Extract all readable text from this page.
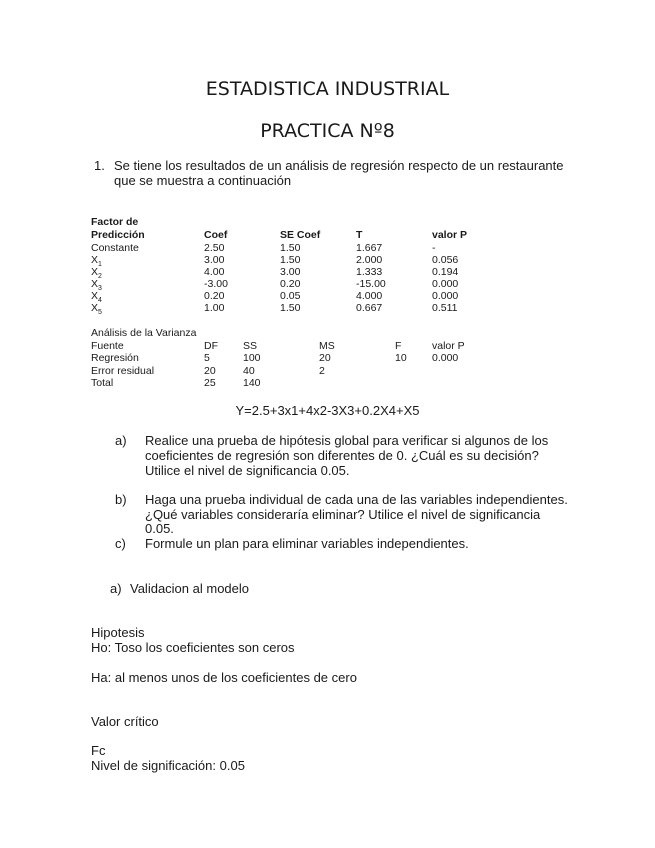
ESTADISTICA INDUSTRIAL
PRACTICA Nº8
1. Se tiene los resultados de un análisis de regresión respecto de un restaurante
que se muestra a continuación
Factor de
Predicción	Coef	SE Coef	T	valor P
Constante	2.50	1.50	1.667	-
$X_1$	3.00	1.50	2.000	0.056
$X_2$	4.00	3.00	1.333	0.194
$X_3$	-3.00	0.20	-15.00	0.000
$X_4$	0.20	0.05	4.000	0.000
$X_5$	1.00	1.50	0.667	0.511
Análisis de la Varianza
Fuente	DF SS	MS	F	valor P
Regresión	5	100	20	10 0.000
Error residual	20	40	2
Total	25	140
Y=2.5+3x1+4x2-3X3+0.2X4+X5
a) Realice una prueba de hipótesis global para verificar si algunos de los
coeficientes de regresión son diferentes de 0. ¿Cuál es su decisión?
Utilice el nivel de significancia 0.05.
b) Haga una prueba individual de cada una de las variables independientes.
¿Qué variables consideraría eliminar? Utilice el nivel de significancia
0.05.
c) Formule un plan para eliminar variables independientes.
a) Validacion al modelo
Hipotesis
Ho: Toso los coeficientes son ceros
Ha: al menos unos de los coeficientes de cero
Valor crítico
Fc
Nivel de significación: 0.05
